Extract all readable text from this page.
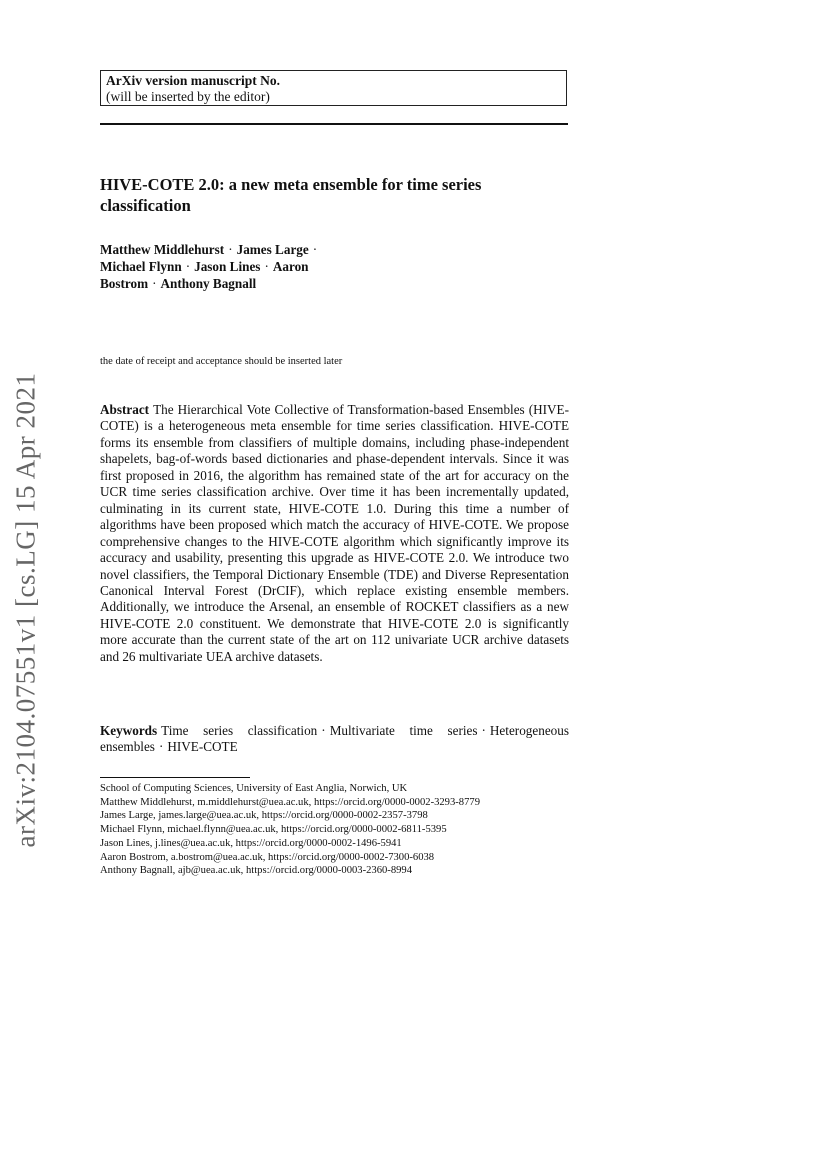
arXiv:2104.07551v1 [cs.LG] 15 Apr 2021
ArXiv version manuscript No.
(will be inserted by the editor)
HIVE-COTE 2.0: a new meta ensemble for time series classification
Matthew Middlehurst · James Large ·
Michael Flynn · Jason Lines · Aaron Bostrom · Anthony Bagnall
the date of receipt and acceptance should be inserted later

Abstract The Hierarchical Vote Collective of Transformation-based Ensembles (HIVE-COTE) is a heterogeneous meta ensemble for time series classification. HIVE-COTE forms its ensemble from classifiers of multiple domains, including phase-independent shapelets, bag-of-words based dictionaries and phase-dependent intervals. Since it was first proposed in 2016, the algorithm has remained state of the art for accuracy on the UCR time series classification archive. Over time it has been incrementally updated, culminating in its current state, HIVE-COTE 1.0. During this time a number of algorithms have been proposed which match the accuracy of HIVE-COTE. We propose comprehensive changes to the HIVE-COTE algorithm which significantly improve its accuracy and usability, presenting this upgrade as HIVE-COTE 2.0. We introduce two novel classifiers, the Temporal Dictionary Ensemble (TDE) and Diverse Representation Canonical Interval Forest (DrCIF), which replace existing ensemble members. Additionally, we introduce the Arsenal, an ensemble of ROCKET classifiers as a new HIVE-COTE 2.0 constituent. We demonstrate that HIVE-COTE 2.0 is significantly more accurate than the current state of the art on 112 univariate UCR archive datasets and 26 multivariate UEA archive datasets.

Keywords Time series classification · Multivariate time series · Heterogeneous ensembles · HIVE-COTE
School of Computing Sciences, University of East Anglia, Norwich, UK
Matthew Middlehurst, m.middlehurst@uea.ac.uk, https://orcid.org/0000-0002-3293-8779
James Large, james.large@uea.ac.uk, https://orcid.org/0000-0002-2357-3798
Michael Flynn, michael.flynn@uea.ac.uk, https://orcid.org/0000-0002-6811-5395
Jason Lines, j.lines@uea.ac.uk, https://orcid.org/0000-0002-1496-5941
Aaron Bostrom, a.bostrom@uea.ac.uk, https://orcid.org/0000-0002-7300-6038
Anthony Bagnall, ajb@uea.ac.uk, https://orcid.org/0000-0003-2360-8994
